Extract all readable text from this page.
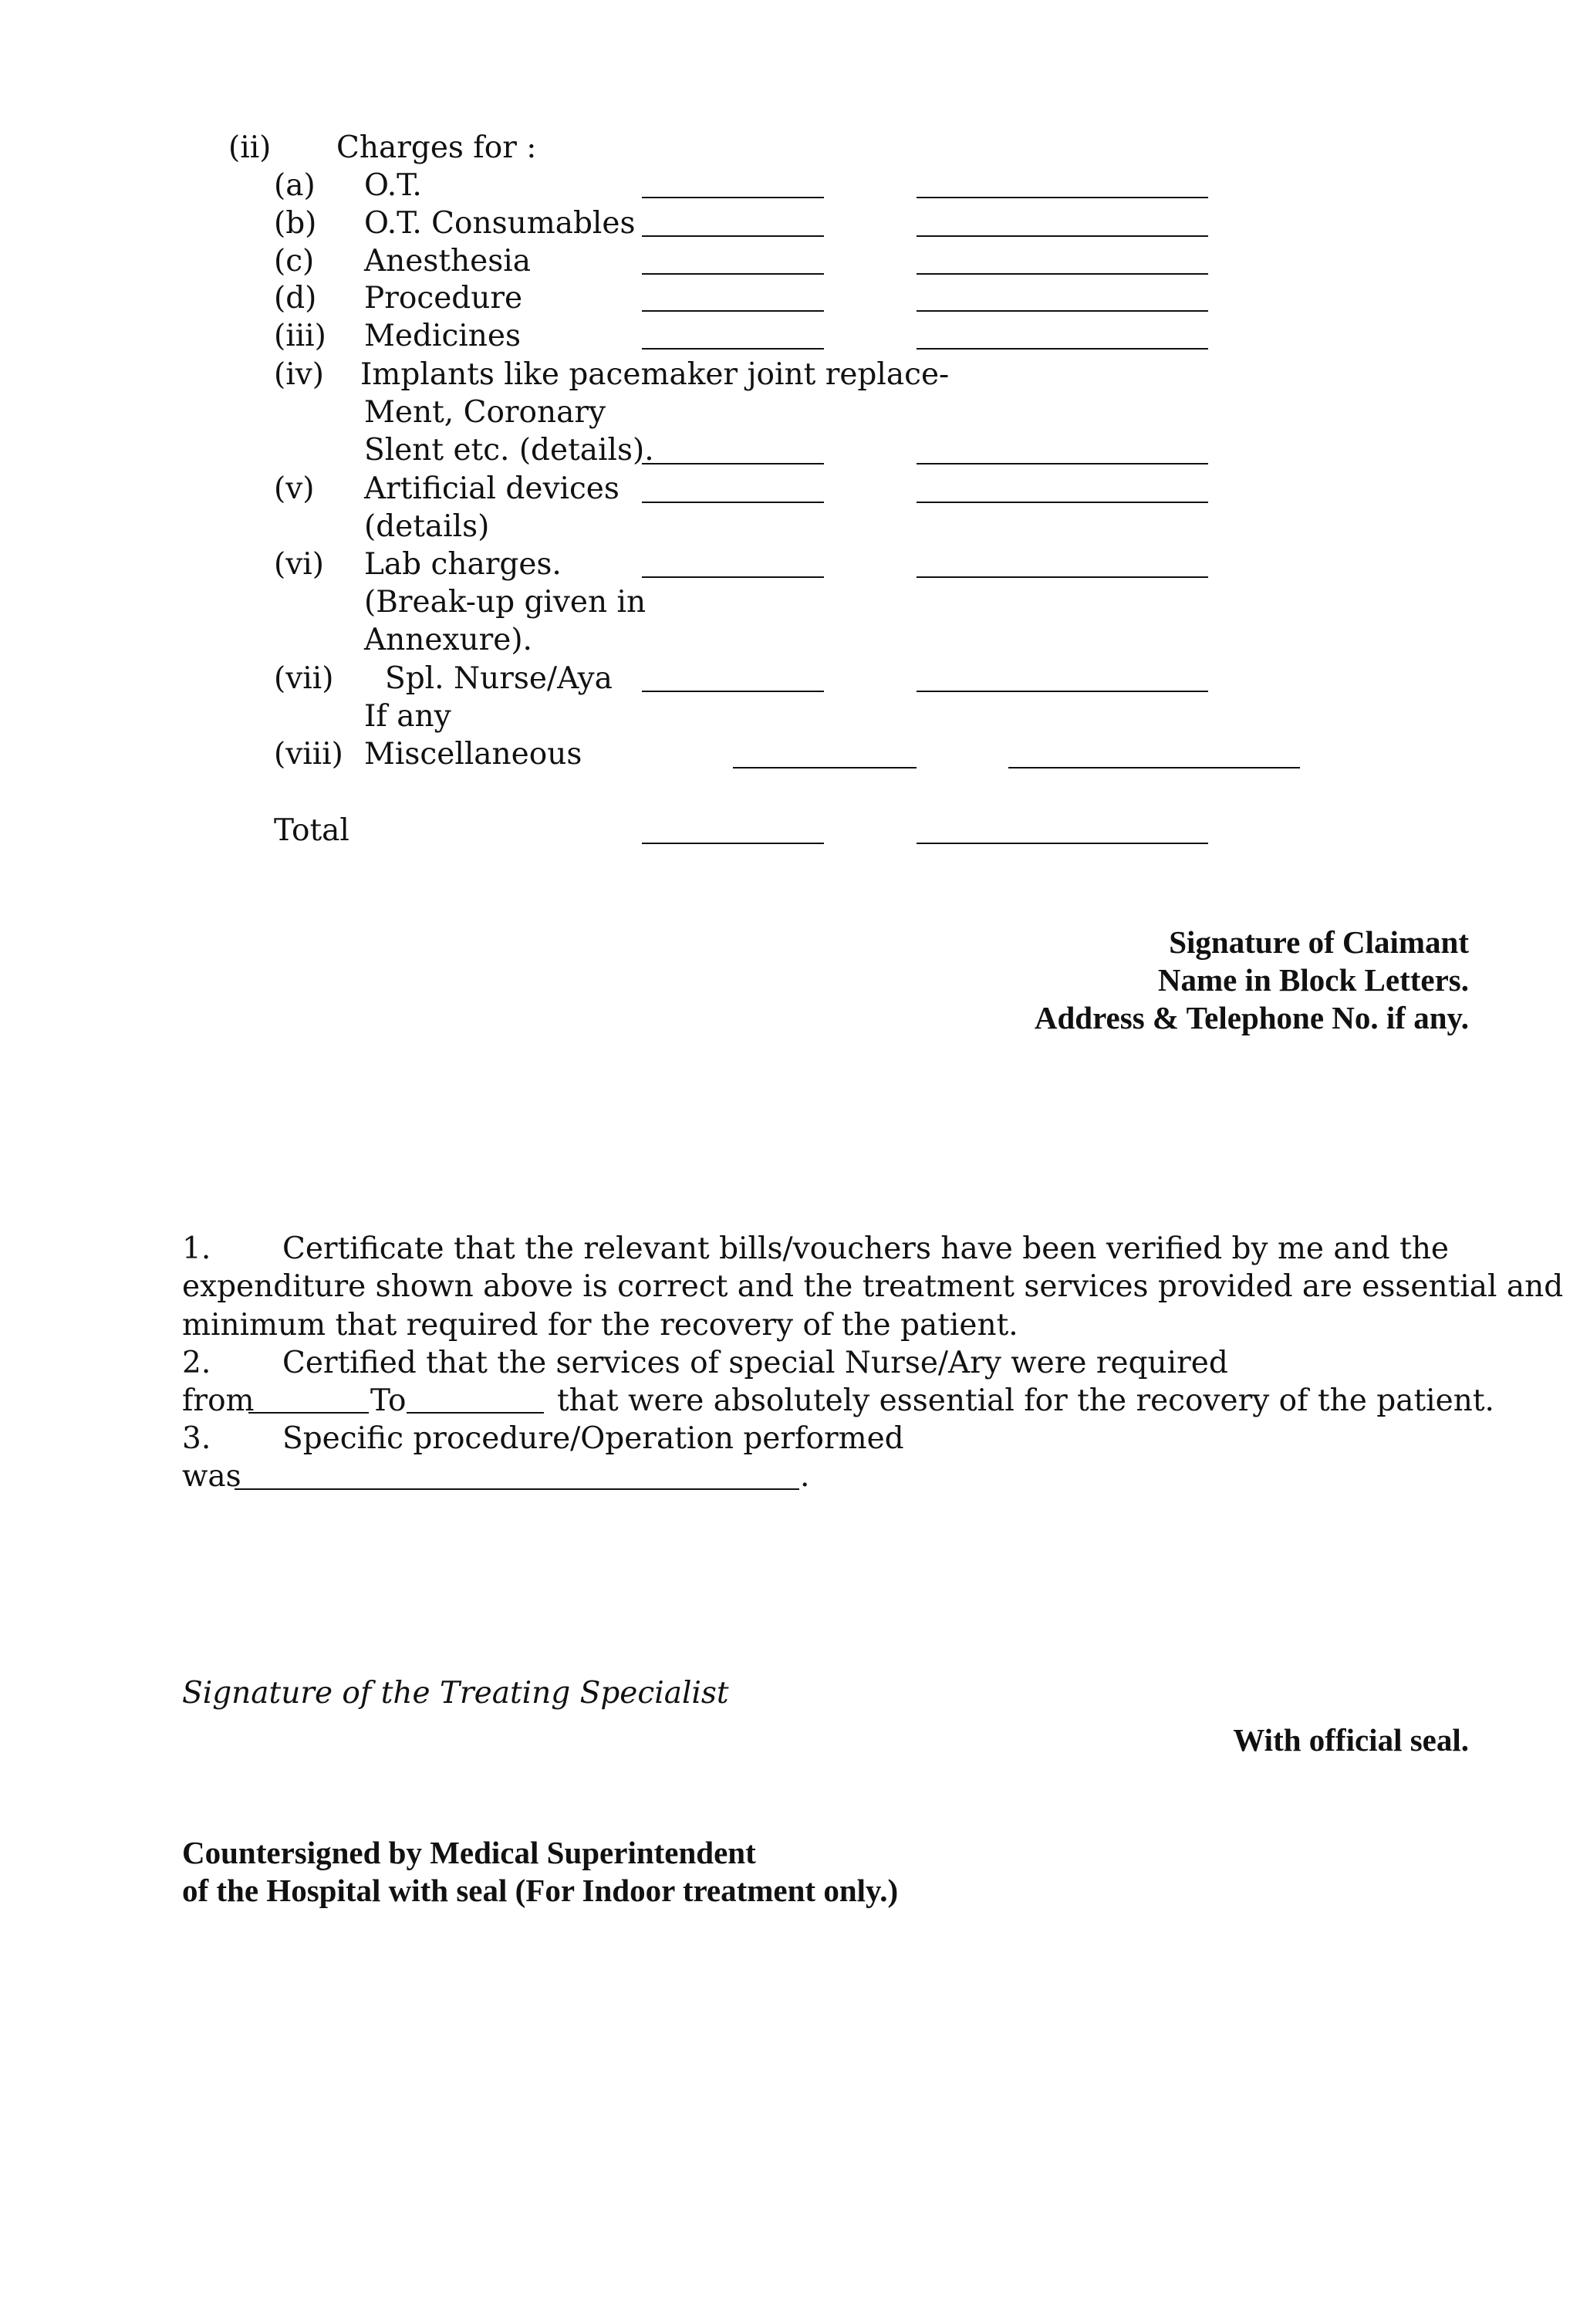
(ii) Charges for :
(a) O.T.
(b) O.T. Consumables
(c) Anesthesia
(d) Procedure
(iii) Medicines
(iv) Implants like pacemaker joint replace-
Ment, Coronary
Slent etc. (details).
(v) Artificial devices
(details)
(vi) Lab charges.
(Break-up given in
Annexure).
(vii) Spl. Nurse/Aya
If any
(viii) Miscellaneous
Total
Signature of Claimant
Name in Block Letters.
Address & Telephone No. if any.
1. Certificate that the relevant bills/vouchers have been verified by me and the
expenditure shown above is correct and the treatment services provided are essential and
minimum that required for the recovery of the patient.
2. Certified that the services of special Nurse/Ary were required
from	To	that were absolutely essential for the recovery of the patient.
3. Specific procedure/Operation performed
was	.
Signature of the Treating Specialist
With official seal.
Countersigned by Medical Superintendent
of the Hospital with seal (For Indoor treatment only.)
